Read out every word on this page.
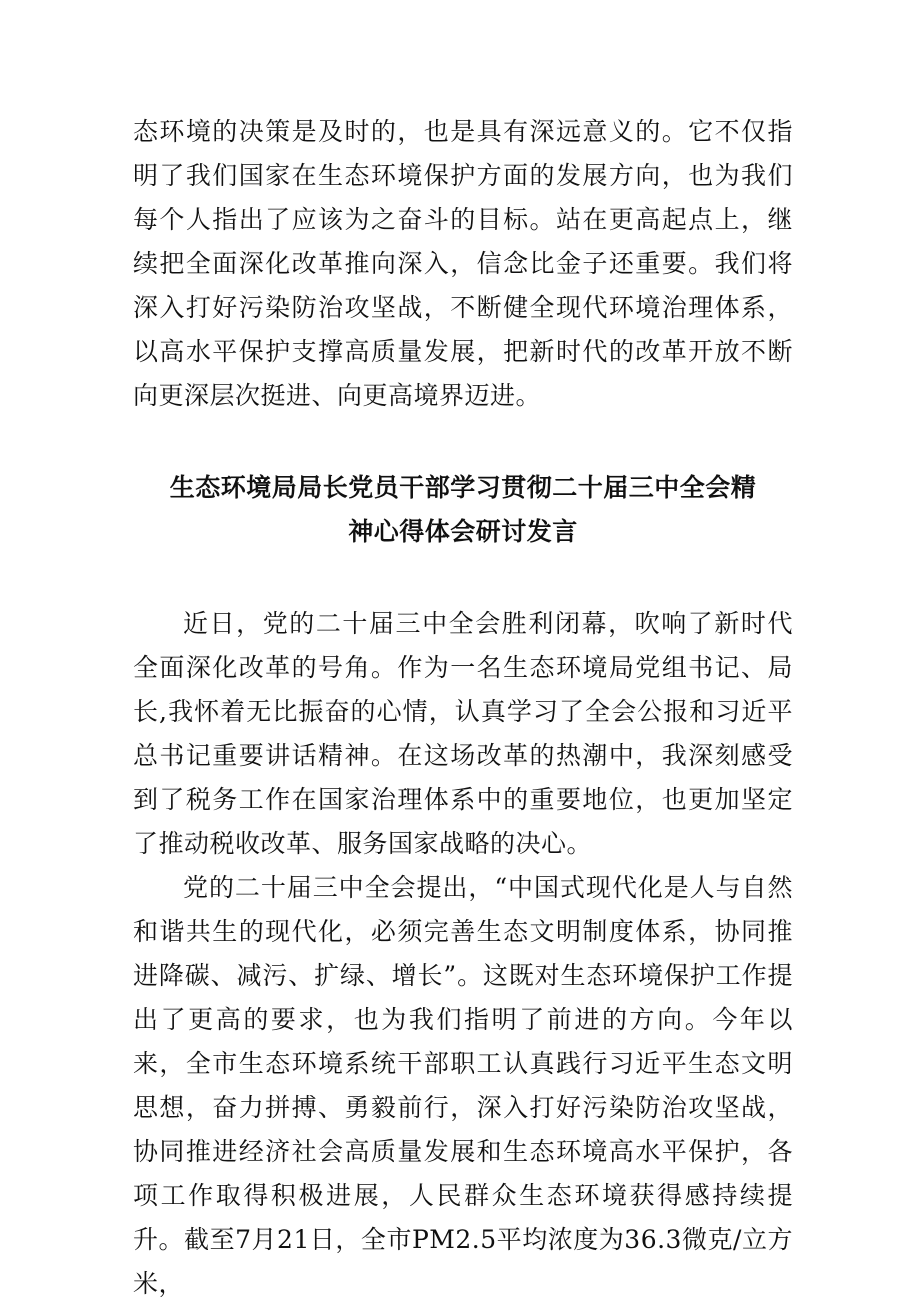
态环境的决策是及时的，也是具有深远意义的。它不仅指明了我们国家在生态环境保护方面的发展方向，也为我们每个人指出了应该为之奋斗的目标。站在更高起点上，继续把全面深化改革推向深入，信念比金子还重要。我们将深入打好污染防治攻坚战，不断健全现代环境治理体系，以高水平保护支撑高质量发展，把新时代的改革开放不断向更深层次挺进、向更高境界迈进。

生态环境局局长党员干部学习贯彻二十届三中全会精
神心得体会研讨发言

近日，党的二十届三中全会胜利闭幕，吹响了新时代全面深化改革的号角。作为一名生态环境局党组书记、局长,我怀着无比振奋的心情，认真学习了全会公报和习近平总书记重要讲话精神。在这场改革的热潮中，我深刻感受到了税务工作在国家治理体系中的重要地位，也更加坚定了推动税收改革、服务国家战略的决心。

党的二十届三中全会提出，“中国式现代化是人与自然和谐共生的现代化，必须完善生态文明制度体系，协同推进降碳、减污、扩绿、增长”。这既对生态环境保护工作提出了更高的要求，也为我们指明了前进的方向。今年以来，全市生态环境系统干部职工认真践行习近平生态文明思想，奋力拼搏、勇毅前行，深入打好污染防治攻坚战，协同推进经济社会高质量发展和生态环境高水平保护，各项工作取得积极进展，人民群众生态环境获得感持续提升。截至7月21日，全市PM2.5平均浓度为36.3微克/立方米，
